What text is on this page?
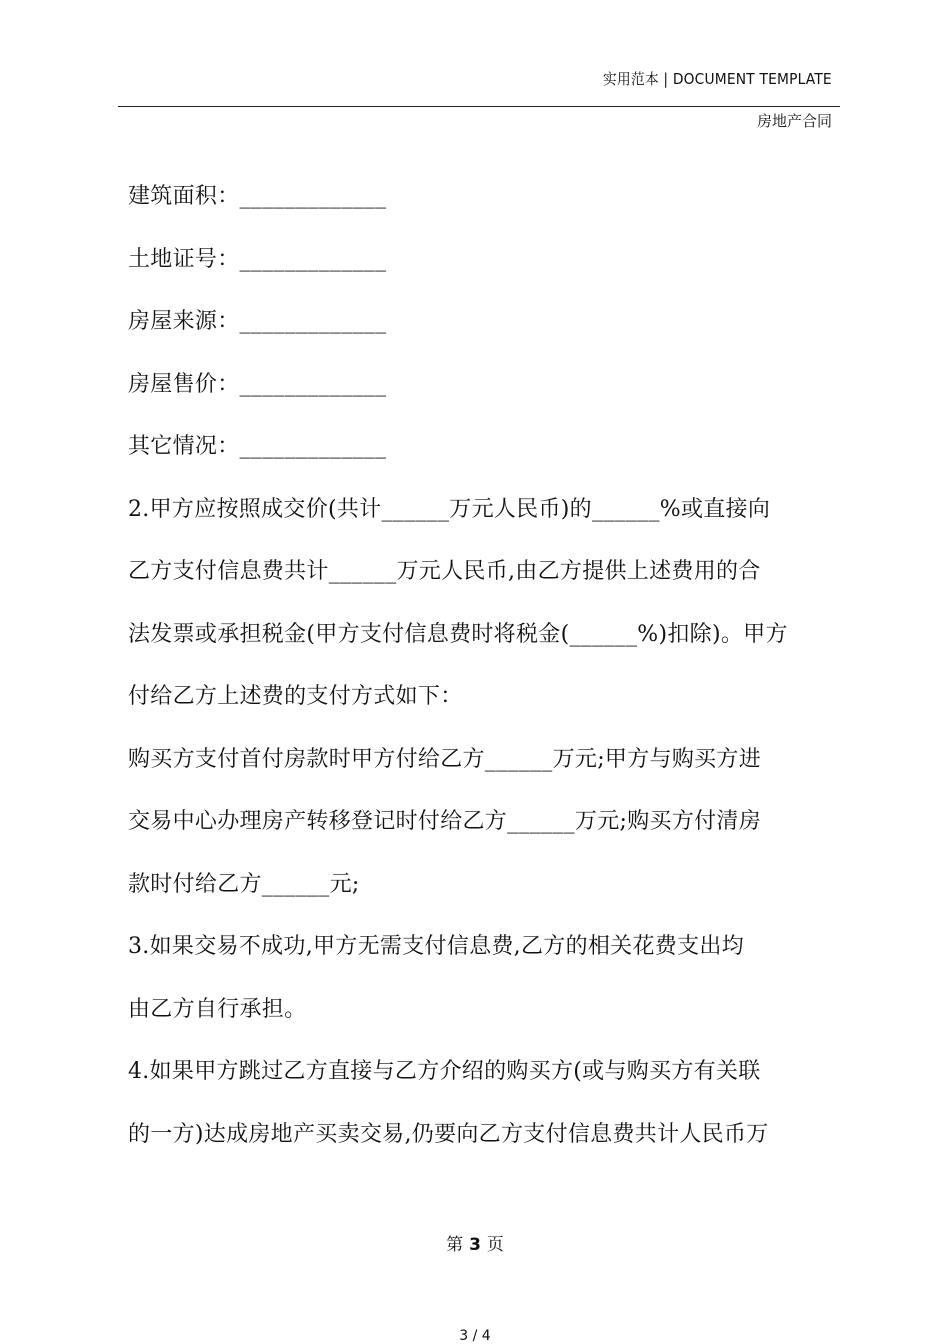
实用范本 | DOCUMENT TEMPLATE
房地产合同
建筑面积：_____________
土地证号：_____________
房屋来源：_____________
房屋售价：_____________
其它情况：_____________
2.甲方应按照成交价(共计______万元人民币)的______%或直接向
乙方支付信息费共计______万元人民币,由乙方提供上述费用的合
法发票或承担税金(甲方支付信息费时将税金(______%)扣除)。甲方
付给乙方上述费的支付方式如下：
购买方支付首付房款时甲方付给乙方______万元;甲方与购买方进
交易中心办理房产转移登记时付给乙方______万元;购买方付清房
款时付给乙方______元;
3.如果交易不成功,甲方无需支付信息费,乙方的相关花费支出均
由乙方自行承担。
4.如果甲方跳过乙方直接与乙方介绍的购买方(或与购买方有关联
的一方)达成房地产买卖交易,仍要向乙方支付信息费共计人民币万
第 3 页
3 / 4
